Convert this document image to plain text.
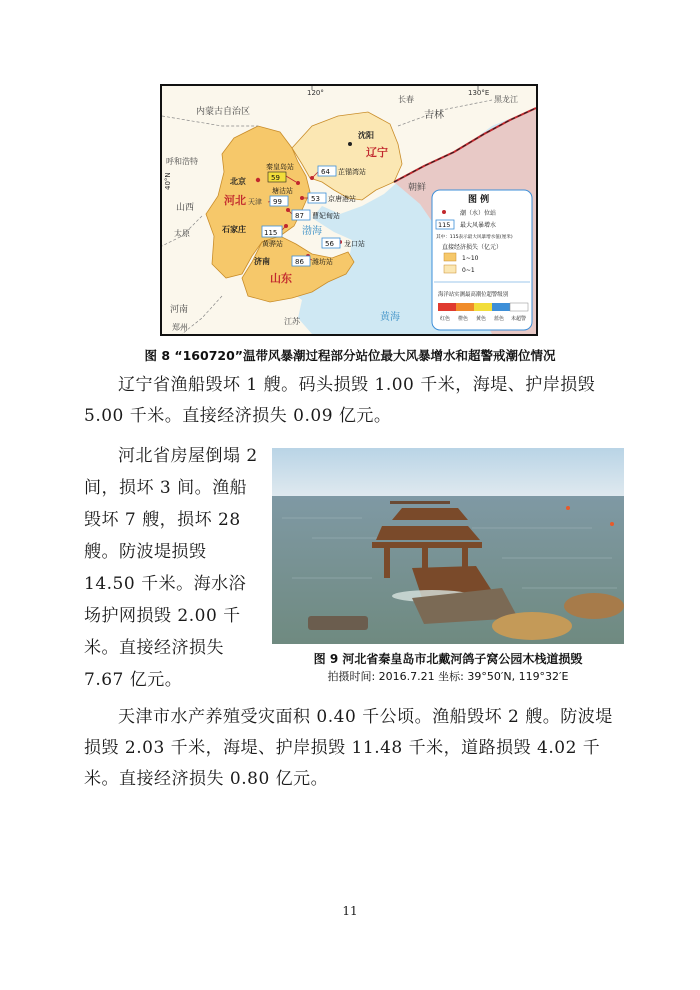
120°	130°E
40°N
内蒙古自治区	吉林
长春	黑龙江
辽宁
沈阳
朝鲜
河北
北京
天津
石家庄
山东
济南
山西
太原
呼和浩特
河南
郑州
江苏	黄海
渤海
59
秦皇岛站
64 芷锚湾站
99
塘沽站
53 京唐港站
87 曹妃甸站
115
黄骅站	56 龙口站
86 潍坊站
图 例
潮（水）位站
115 最大风暴增水
其中：115表示最大风暴增水值(厘米)
直接经济损失（亿元）
1~10
0~1
海洋站实测最高潮位超警级别
红色 橙色 黄色 蓝色 未超警
图 8 “160720”温带风暴潮过程部分站位最大风暴增水和超警戒潮位情况

辽宁省渔船毁坏 1 艘。码头损毁 1.00 千米，海堤、护岸损毁 5.00 千米。直接经济损失 0.09 亿元。

河北省房屋倒塌 2 间，损坏 3 间。渔船毁坏 7 艘，损坏 28 艘。防波堤损毁 14.50 千米。海水浴场护网损毁 2.00 千米。直接经济损失 7.67 亿元。

图 9 河北省秦皇岛市北戴河鸽子窝公园木栈道损毁
拍摄时间: 2016.7.21 坐标: 39°50′N, 119°32′E

天津市水产养殖受灾面积 0.40 千公顷。渔船毁坏 2 艘。防波堤损毁 2.03 千米，海堤、护岸损毁 11.48 千米，道路损毁 4.02 千米。直接经济损失 0.80 亿元。

11
